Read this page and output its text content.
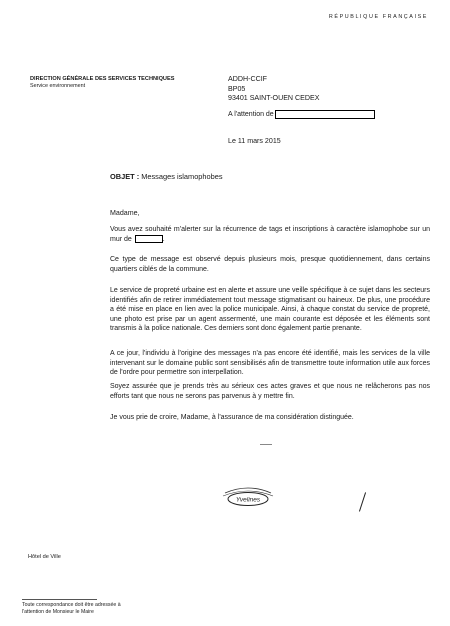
RÉPUBLIQUE FRANÇAISE
DIRECTION GÉNÉRALE DES SERVICES TECHNIQUES
Service environnement
ADDH-CCIF
BP05
93401 SAINT-OUEN CEDEX
A l'attention de
Le 11 mars 2015
OBJET : Messages islamophobes
Madame,
Vous avez souhaité m'alerter sur la récurrence de tags et inscriptions à caractère islamophobe sur un mur de	.
Ce type de message est observé depuis plusieurs mois, presque quotidiennement, dans certains quartiers ciblés de la commune.
Le service de propreté urbaine est en alerte et assure une veille spécifique à ce sujet dans les secteurs identifiés afin de retirer immédiatement tout message stigmatisant ou haineux. De plus, une procédure a été mise en place en lien avec la police municipale. Ainsi, à chaque constat du service de propreté, une photo est prise par un agent assermenté, une main courante est déposée et les éléments sont transmis à la police nationale. Ces derniers sont donc également partie prenante.
A ce jour, l'individu à l'origine des messages n'a pas encore été identifié, mais les services de la ville intervenant sur le domaine public sont sensibilisés afin de transmettre toute information utile aux forces de l'ordre pour permettre son interpellation.
Soyez assurée que je prends très au sérieux ces actes graves et que nous ne relâcherons pas nos efforts tant que nous ne serons pas parvenus à y mettre fin.
Je vous prie de croire, Madame, à l'assurance de ma considération distinguée.
Yvelines
Hôtel de Ville
Toute correspondance doit être adressée à
l'attention de Monsieur le Maire
